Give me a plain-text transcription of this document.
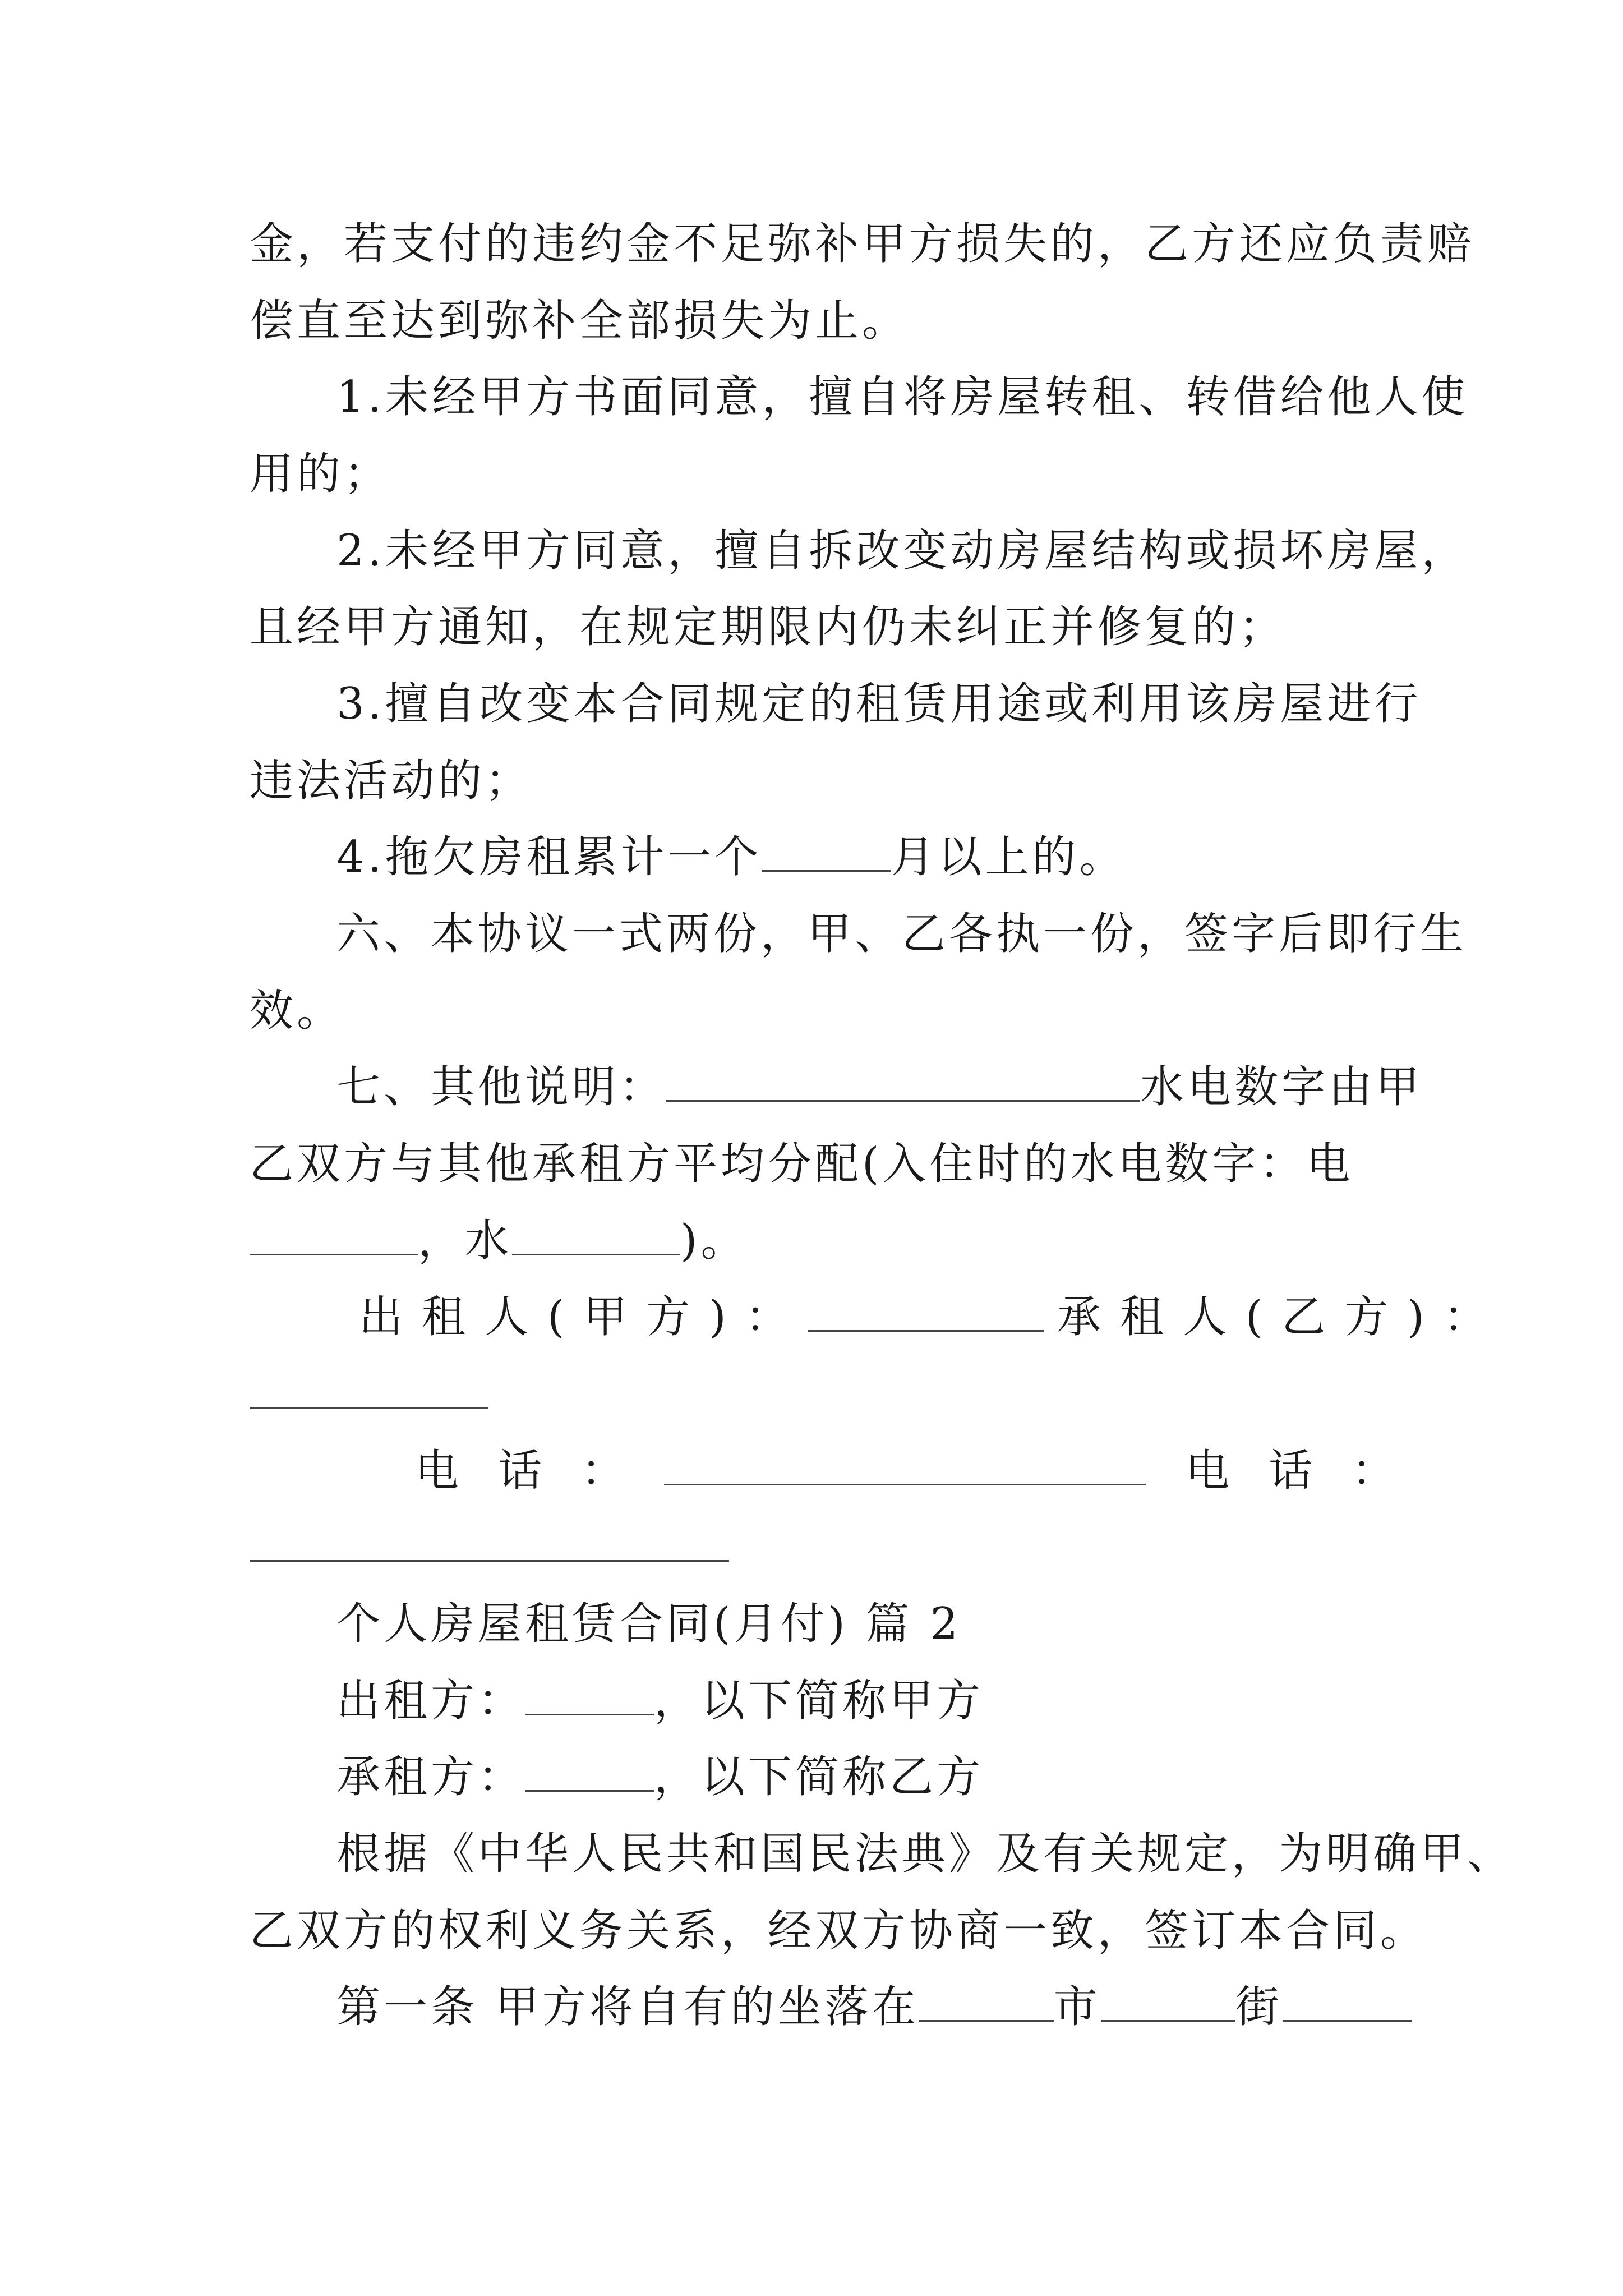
金，若支付的违约金不足弥补甲方损失的，乙方还应负责赔
偿直至达到弥补全部损失为止。
1.未经甲方书面同意，擅自将房屋转租、转借给他人使
用的；
2.未经甲方同意，擅自拆改变动房屋结构或损坏房屋，
且经甲方通知，在规定期限内仍未纠正并修复的；
3.擅自改变本合同规定的租赁用途或利用该房屋进行
违法活动的；
4.拖欠房租累计一个	月以上的。
六、本协议一式两份，甲、乙各执一份，签字后即行生
效。
七、其他说明：	水电数字由甲
乙双方与其他承租方平均分配(入住时的水电数字：电
，水	)。
出租人(甲方)：	承租人(乙方)：
电话：	电话：
个人房屋租赁合同(月付) 篇 2
出租方：	，以下简称甲方
承租方：	，以下简称乙方
根据《中华人民共和国民法典》及有关规定，为明确甲、
乙双方的权利义务关系，经双方协商一致，签订本合同。
第一条 甲方将自有的坐落在	市	街
